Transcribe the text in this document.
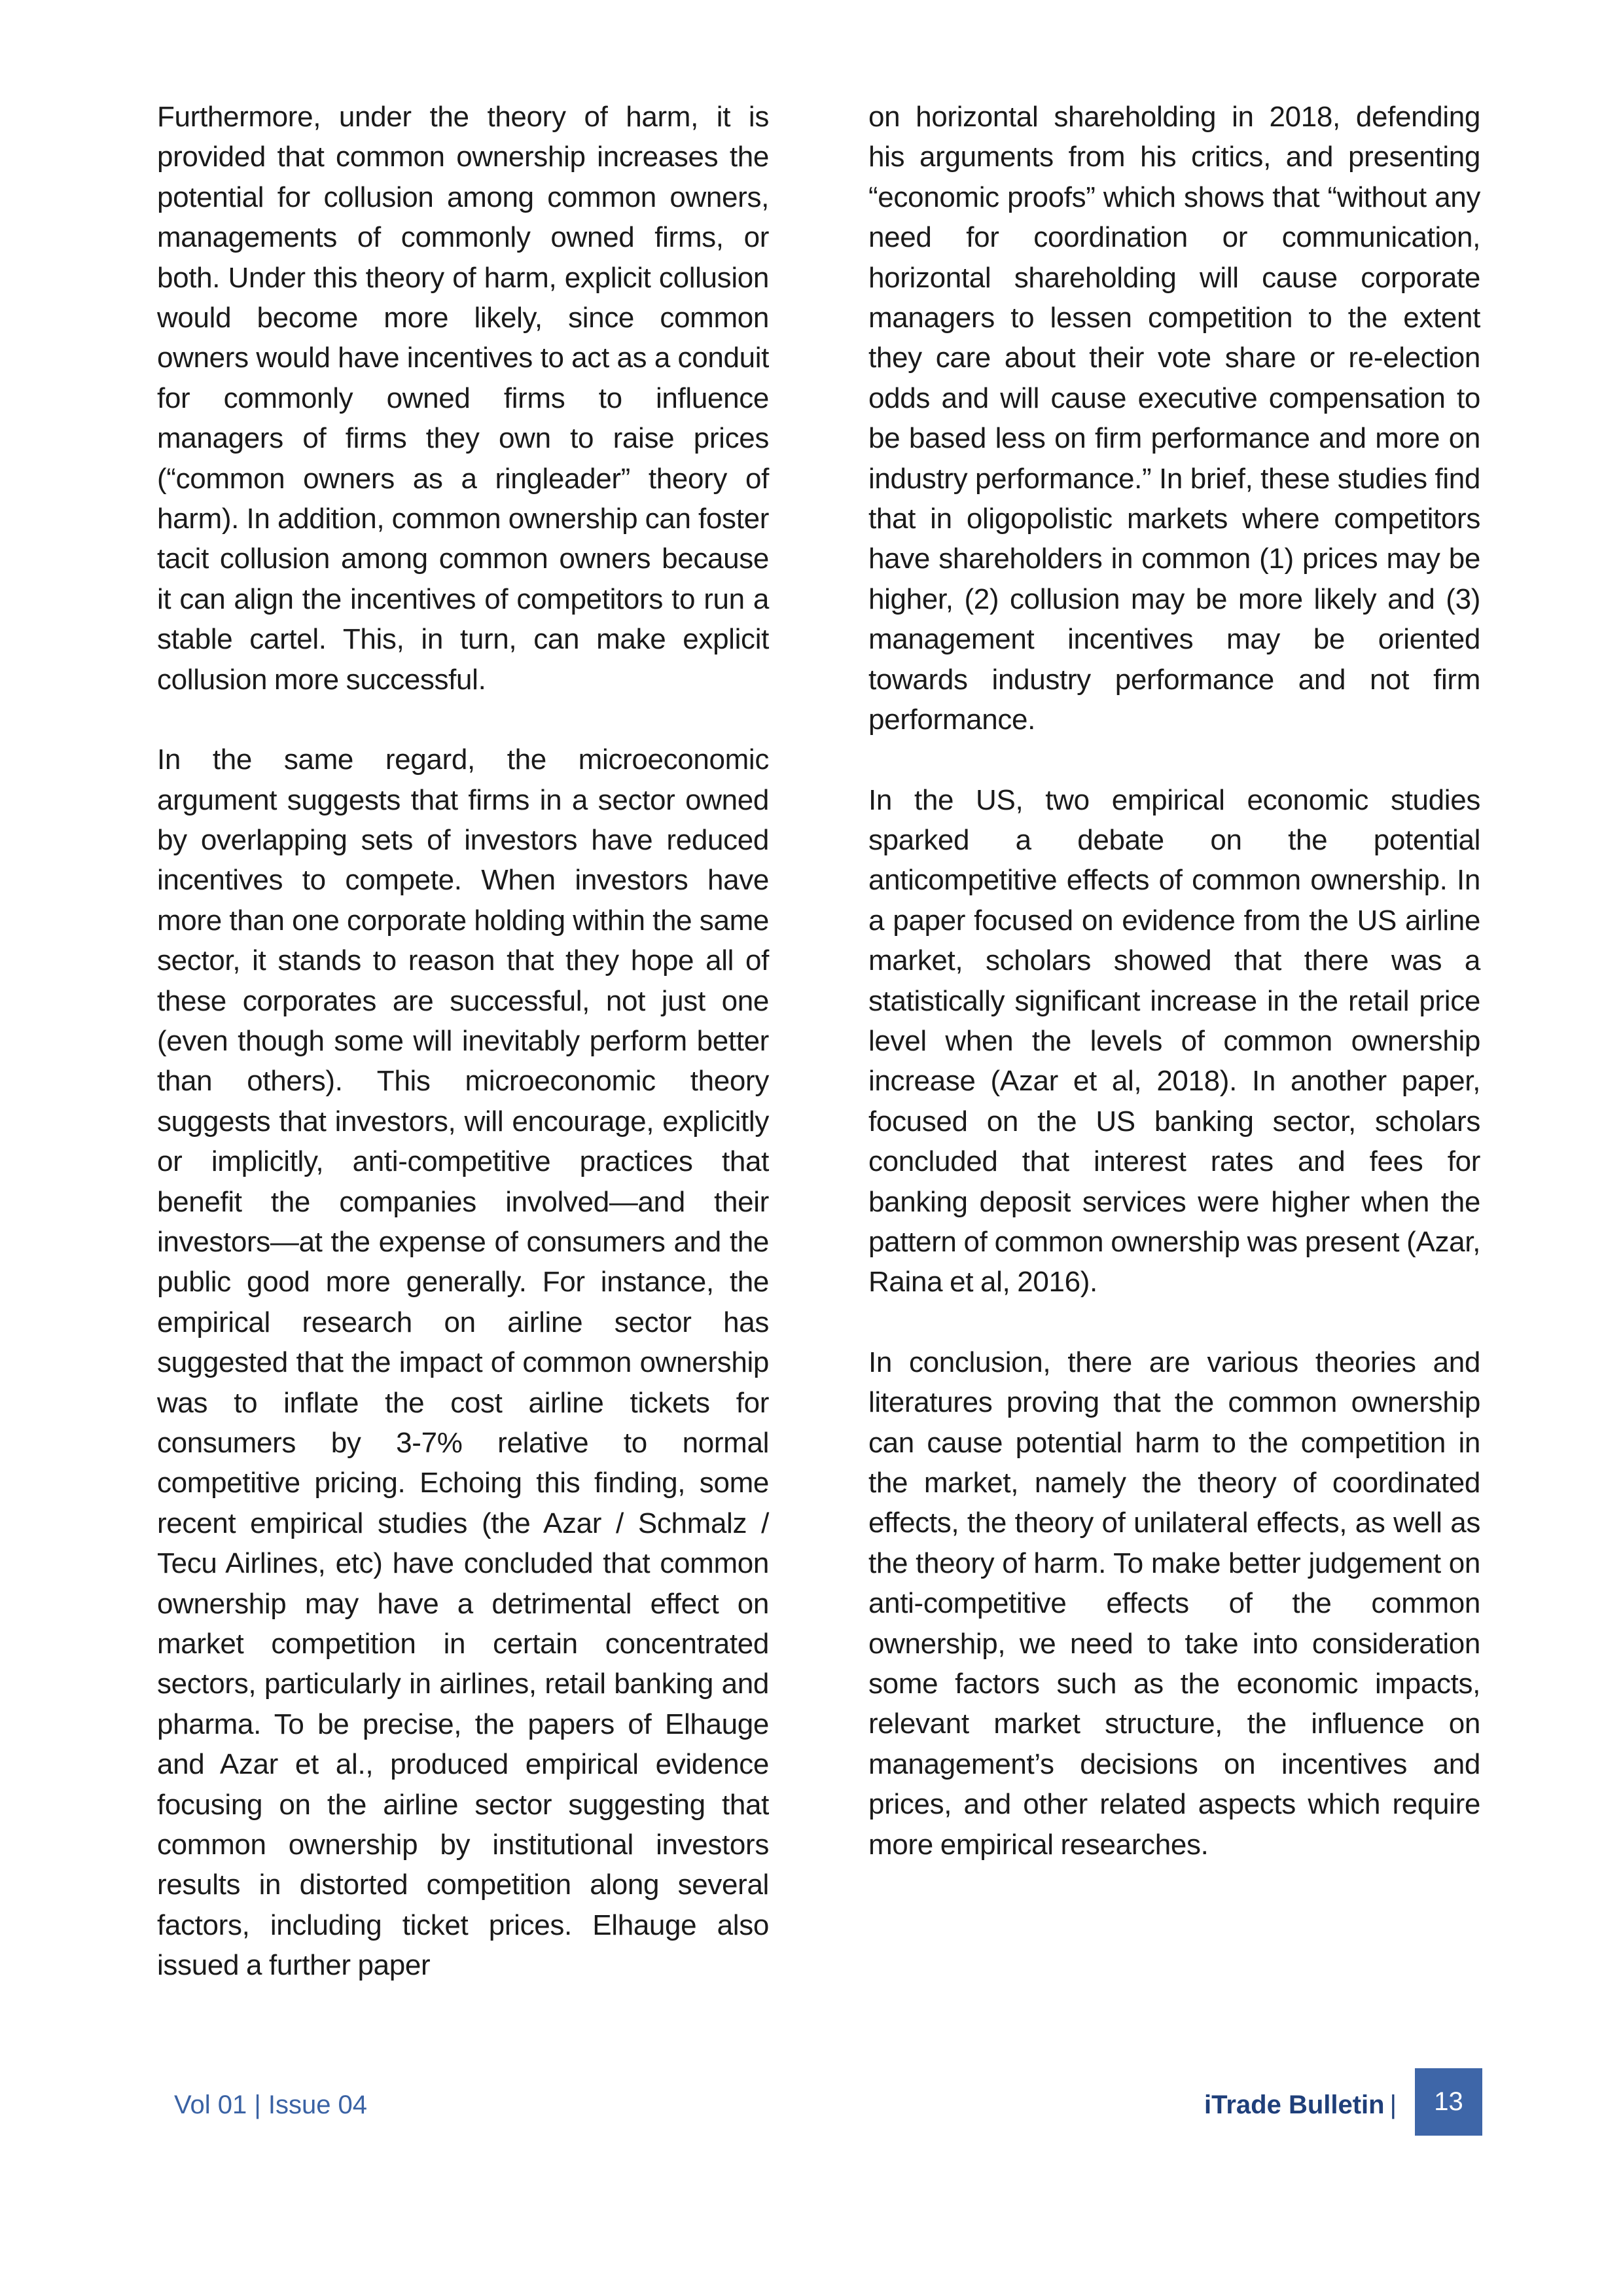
Furthermore, under the theory of harm, it is provided that common ownership increases the potential for collusion among common owners, managements of commonly owned firms, or both. Under this theory of harm, explicit collusion would become more likely, since common owners would have incentives to act as a conduit for commonly owned firms to influence managers of firms they own to raise prices (“common owners as a ringleader” theory of harm). In addition, common ownership can foster tacit collusion among common owners because it can align the incentives of competitors to run a stable cartel. This, in turn, can make explicit collusion more successful.

In the same regard, the microeconomic argument suggests that firms in a sector owned by overlapping sets of investors have reduced incentives to compete. When investors have more than one corporate holding within the same sector, it stands to reason that they hope all of these corporates are successful, not just one (even though some will inevitably perform better than others). This microeconomic theory suggests that investors, will encourage, explicitly or implicitly, anti-competitive practices that benefit the companies involved—and their investors—at the expense of consumers and the public good more generally. For instance, the empirical research on airline sector has suggested that the impact of common ownership was to inflate the cost airline tickets for consumers by 3-7% relative to normal competitive pricing. Echoing this finding, some recent empirical studies (the Azar / Schmalz / Tecu Airlines, etc) have concluded that common ownership may have a detrimental effect on market competition in certain concentrated sectors, particularly in airlines, retail banking and pharma. To be precise, the papers of Elhauge and Azar et al., produced empirical evidence focusing on the airline sector suggesting that common ownership by institutional investors results in distorted competition along several factors, including ticket prices. Elhauge also issued a further paper

on horizontal shareholding in 2018, defending his arguments from his critics, and presenting “economic proofs” which shows that “without any need for coordination or communication, horizontal shareholding will cause corporate managers to lessen competition to the extent they care about their vote share or re-election odds and will cause executive compensation to be based less on firm performance and more on industry performance.” In brief, these studies find that in oligopolistic markets where competitors have shareholders in common (1) prices may be higher, (2) collusion may be more likely and (3) management incentives may be oriented towards industry performance and not firm performance.

In the US, two empirical economic studies sparked a debate on the potential anticompetitive effects of common ownership. In a paper focused on evidence from the US airline market, scholars showed that there was a statistically significant increase in the retail price level when the levels of common ownership increase (Azar et al, 2018). In another paper, focused on the US banking sector, scholars concluded that interest rates and fees for banking deposit services were higher when the pattern of common ownership was present (Azar, Raina et al, 2016).

In conclusion, there are various theories and literatures proving that the common ownership can cause potential harm to the competition in the market, namely the theory of coordinated effects, the theory of unilateral effects, as well as the theory of harm. To make better judgement on anti-competitive effects of the common ownership, we need to take into consideration some factors such as the economic impacts, relevant market structure, the influence on management’s decisions on incentives and prices, and other related aspects which require more empirical researches.

Vol 01 | Issue 04	iTrade Bulletin |	13
